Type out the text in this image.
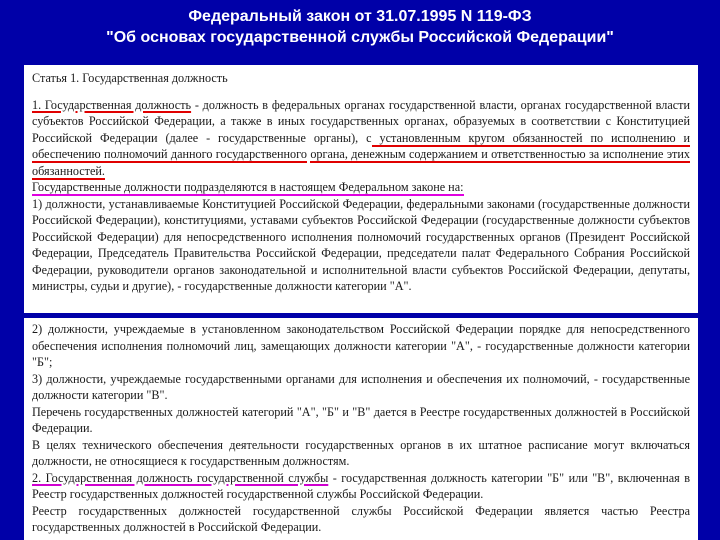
Федеральный закон от 31.07.1995 N 119-ФЗ
"Об основах государственной службы Российской Федерации"

Статья 1. Государственная должность

1. Государственная должность - должность в федеральных органах государственной власти, органах государственной власти субъектов Российской Федерации, а также в иных государственных органах, образуемых в соответствии с Конституцией Российской Федерации (далее - государственные органы), с установленным кругом обязанностей по исполнению и обеспечению полномочий данного государственного органа, денежным содержанием и ответственностью за исполнение этих обязанностей.

Государственные должности подразделяются в настоящем Федеральном законе на:

1) должности, устанавливаемые Конституцией Российской Федерации, федеральными законами (государственные должности Российской Федерации), конституциями, уставами субъектов Российской Федерации (государственные должности субъектов Российской Федерации) для непосредственного исполнения полномочий государственных органов (Президент Российской Федерации, Председатель Правительства Российской Федерации, председатели палат Федерального Собрания Российской Федерации, руководители органов законодательной и исполнительной власти субъектов Российской Федерации, депутаты, министры, судьи и другие), - государственные должности категории "А".

2) должности, учреждаемые в установленном законодательством Российской Федерации порядке для непосредственного обеспечения исполнения полномочий лиц, замещающих должности категории "А", - государственные должности категории "Б";

3) должности, учреждаемые государственными органами для исполнения и обеспечения их полномочий, - государственные должности категории "В".

Перечень государственных должностей категорий "А", "Б" и "В" дается в Реестре государственных должностей в Российской Федерации.

В целях технического обеспечения деятельности государственных органов в их штатное расписание могут включаться должности, не относящиеся к государственным должностям.

2. Государственная должность государственной службы - государственная должность категории "Б" или "В", включенная в Реестр государственных должностей государственной службы Российской Федерации.

Реестр государственных должностей государственной службы Российской Федерации является частью Реестра государственных должностей в Российской Федерации.
